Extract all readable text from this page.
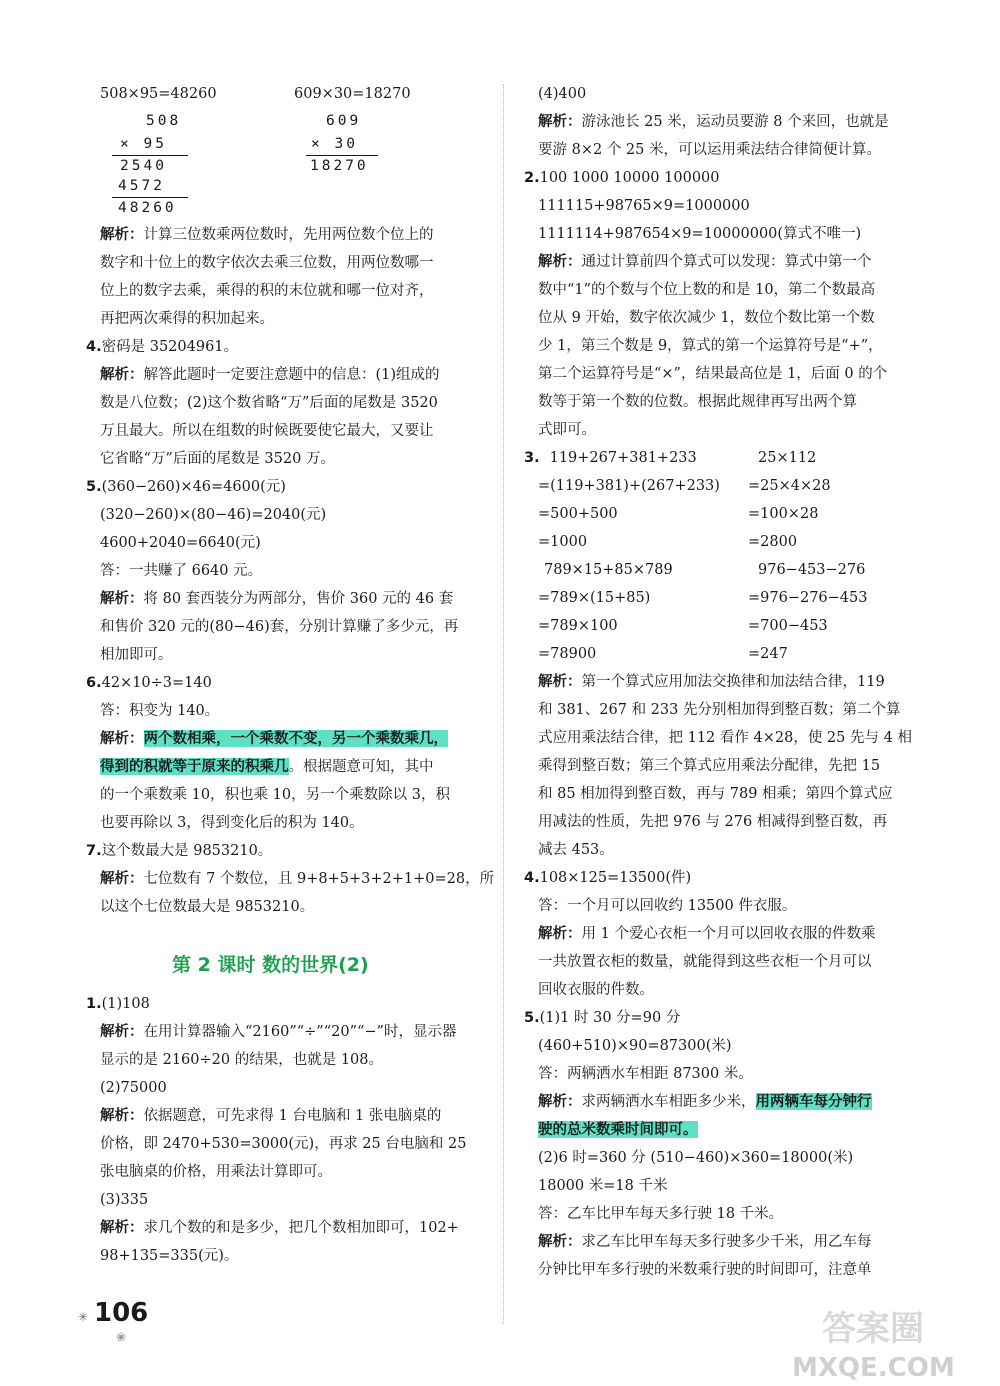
508×95=48260	609×30=18270
508
× 95
2540
4572
48260
609
× 30
18270
解析：计算三位数乘两位数时，先用两位数个位上的
数字和十位上的数字依次去乘三位数，用两位数哪一
位上的数字去乘，乘得的积的末位就和哪一位对齐，
再把两次乘得的积加起来。
4.密码是 35204961。
解析：解答此题时一定要注意题中的信息：(1)组成的
数是八位数；(2)这个数省略“万”后面的尾数是 3520
万且最大。所以在组数的时候既要使它最大，又要让
它省略“万”后面的尾数是 3520 万。
5.(360−260)×46=4600(元)
(320−260)×(80−46)=2040(元)
4600+2040=6640(元)
答：一共赚了 6640 元。
解析：将 80 套西装分为两部分，售价 360 元的 46 套
和售价 320 元的(80−46)套，分别计算赚了多少元，再
相加即可。
6.42×10÷3=140
答：积变为 140。
解析：两个数相乘，一个乘数不变，另一个乘数乘几，
得到的积就等于原来的积乘几。根据题意可知，其中
的一个乘数乘 10，积也乘 10，另一个乘数除以 3，积
也要再除以 3，得到变化后的积为 140。
7.这个数最大是 9853210。
解析：七位数有 7 个数位，且 9+8+5+3+2+1+0=28，所
以这个七位数最大是 9853210。
第 2 课时 数的世界(2)
1.(1)108
解析：在用计算器输入“2160”“÷”“20”“−”时，显示器
显示的是 2160÷20 的结果，也就是 108。
(2)75000
解析：依据题意，可先求得 1 台电脑和 1 张电脑桌的
价格，即 2470+530=3000(元)，再求 25 台电脑和 25
张电脑桌的价格，用乘法计算即可。
(3)335
解析：求几个数的和是多少，把几个数相加即可，102+
98+135=335(元)。
(4)400
解析：游泳池长 25 米，运动员要游 8 个来回，也就是
要游 8×2 个 25 米，可以运用乘法结合律简便计算。
2.100 1000 10000 100000
111115+98765×9=1000000
1111114+987654×9=10000000(算式不唯一)
解析：通过计算前四个算式可以发现：算式中第一个
数中“1”的个数与个位上数的和是 10，第二个数最高
位从 9 开始，数字依次减少 1，数位个数比第一个数
少 1，第三个数是 9，算式的第一个运算符号是“+”，
第二个运算符号是“×”，结果最高位是 1，后面 0 的个
数等于第一个数的位数。根据此规律再写出两个算
式即可。
3. 119+267+381+233
=(119+381)+(267+233)
=500+500
=1000
789×15+85×789
=789×(15+85)
=789×100
=78900
25×112
=25×4×28
=100×28
=2800
976−453−276
=976−276−453
=700−453
=247
解析：第一个算式应用加法交换律和加法结合律，119
和 381、267 和 233 先分别相加得到整百数；第二个算
式应用乘法结合律，把 112 看作 4×28，使 25 先与 4 相
乘得到整百数；第三个算式应用乘法分配律，先把 15
和 85 相加得到整百数，再与 789 相乘；第四个算式应
用减法的性质，先把 976 与 276 相减得到整百数，再
减去 453。
4.108×125=13500(件)
答：一个月可以回收约 13500 件衣服。
解析：用 1 个爱心衣柜一个月可以回收衣服的件数乘
一共放置衣柜的数量，就能得到这些衣柜一个月可以
回收衣服的件数。
5.(1)1 时 30 分=90 分
(460+510)×90=87300(米)
答：两辆洒水车相距 87300 米。
解析：求两辆洒水车相距多少米，用两辆车每分钟行
驶的总米数乘时间即可。
(2)6 时=360 分 (510−460)×360=18000(米)
18000 米=18 千米
答：乙车比甲车每天多行驶 18 千米。
解析：求乙车比甲车每天多行驶多少千米，用乙车每
分钟比甲车多行驶的米数乘行驶的时间即可，注意单
✳ 106
❀	答案圈
MXQE.COM
